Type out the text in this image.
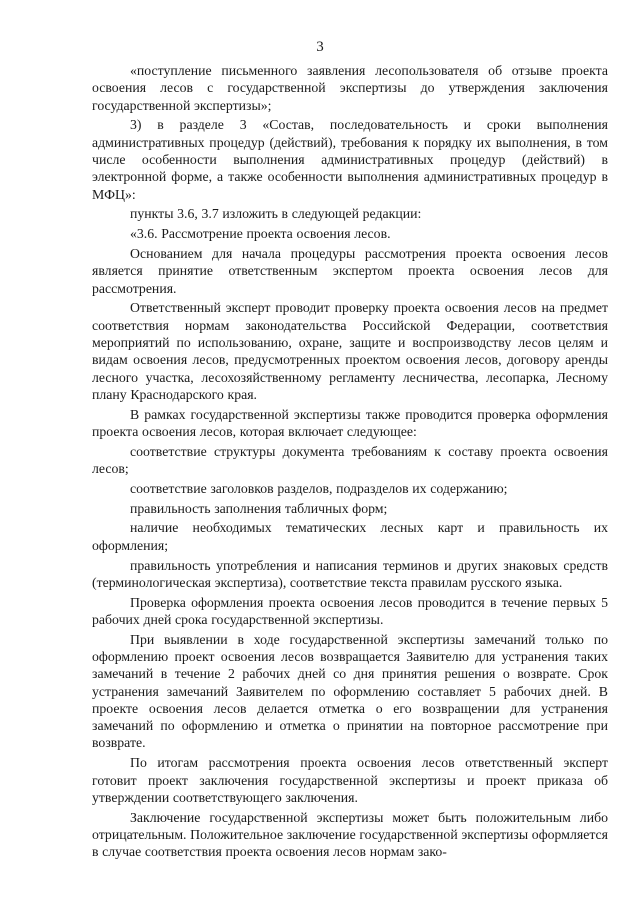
3

«поступление письменного заявления лесопользователя об отзыве проекта освоения лесов с государственной экспертизы до утверждения заключения государственной экспертизы»;

3) в разделе 3 «Состав, последовательность и сроки выполнения административных процедур (действий), требования к порядку их выполнения, в том числе особенности выполнения административных процедур (действий) в электронной форме, а также особенности выполнения административных процедур в МФЦ»:

пункты 3.6, 3.7 изложить в следующей редакции:

«3.6. Рассмотрение проекта освоения лесов.

Основанием для начала процедуры рассмотрения проекта освоения лесов является принятие ответственным экспертом проекта освоения лесов для рассмотрения.

Ответственный эксперт проводит проверку проекта освоения лесов на предмет соответствия нормам законодательства Российской Федерации, соответствия мероприятий по использованию, охране, защите и воспроизводству лесов целям и видам освоения лесов, предусмотренных проектом освоения лесов, договору аренды лесного участка, лесохозяйственному регламенту лесничества, лесопарка, Лесному плану Краснодарского края.

В рамках государственной экспертизы также проводится проверка оформления проекта освоения лесов, которая включает следующее:

соответствие структуры документа требованиям к составу проекта освоения лесов;

соответствие заголовков разделов, подразделов их содержанию;

правильность заполнения табличных форм;

наличие необходимых тематических лесных карт и правильность их оформления;

правильность употребления и написания терминов и других знаковых средств (терминологическая экспертиза), соответствие текста правилам русского языка.

Проверка оформления проекта освоения лесов проводится в течение первых 5 рабочих дней срока государственной экспертизы.

При выявлении в ходе государственной экспертизы замечаний только по оформлению проект освоения лесов возвращается Заявителю для устранения таких замечаний в течение 2 рабочих дней со дня принятия решения о возврате. Срок устранения замечаний Заявителем по оформлению составляет 5 рабочих дней. В проекте освоения лесов делается отметка о его возвращении для устранения замечаний по оформлению и отметка о принятии на повторное рассмотрение при возврате.

По итогам рассмотрения проекта освоения лесов ответственный эксперт готовит проект заключения государственной экспертизы и проект приказа об утверждении соответствующего заключения.

Заключение государственной экспертизы может быть положительным либо отрицательным. Положительное заключение государственной экспертизы оформляется в случае соответствия проекта освоения лесов нормам зако-
